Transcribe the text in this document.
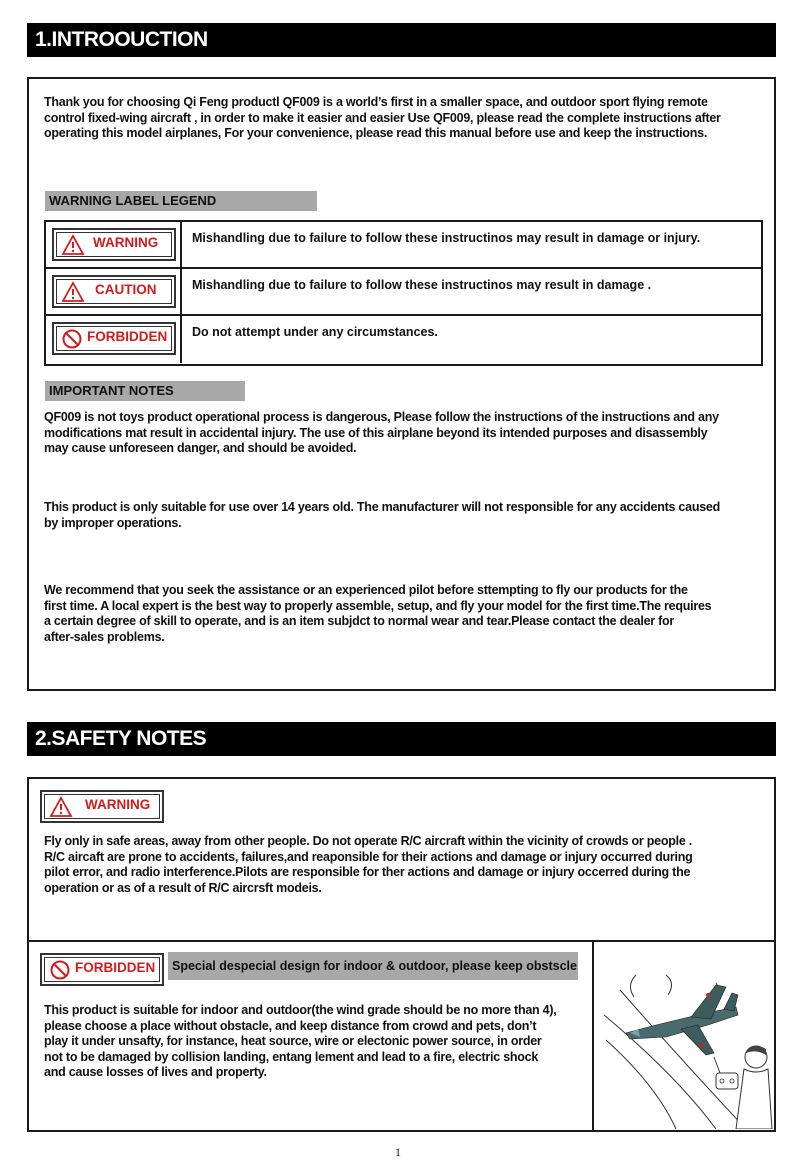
1.INTROOUCTION
Thank you for choosing Qi Feng productl QF009 is a world’s first in a smaller space, and outdoor sport flying remote
control fixed-wing aircraft , in order to make it easier and easier Use QF009, please read the complete instructions after
operating this model airplanes, For your convenience, please read this manual before use and keep the instructions.
WARNING LABEL LEGEND
WARNING	Mishandling due to failure to follow these instructinos may result in damage or injury.
CAUTION	Mishandling due to failure to follow these instructinos may result in damage .
FORBIDDEN Do not attempt under any circumstances.
IMPORTANT NOTES
QF009 is not toys product operational process is dangerous, Please follow the instructions of the instructions and any
modifications mat result in accidental injury. The use of this airplane beyond its intended purposes and disassembly
may cause unforeseen danger, and should be avoided.
This product is only suitable for use over 14 years old. The manufacturer will not responsible for any accidents caused
by improper operations.
We recommend that you seek the assistance or an experienced pilot before sttempting to fly our products for the
first time. A local expert is the best way to properly assemble, setup, and fly your model for the first time.The requires
a certain degree of skill to operate, and is an item subjdct to normal wear and tear.Please contact the dealer for
after-sales problems.
2.SAFETY NOTES
WARNING
Fly only in safe areas, away from other people. Do not operate R/C aircraft within the vicinity of crowds or people .
R/C aircaft are prone to accidents, failures,and reaponsible for their actions and damage or injury occurred during
pilot error, and radio interference.Pilots are responsible for ther actions and damage or injury occerred during the
operation or as of a result of R/C aircrsft modeis.
FORBIDDEN	Special despecial design for indoor & outdoor, please keep obstscle
This product is suitable for indoor and outdoor(the wind grade should be no more than 4),
please choose a place without obstacle, and keep distance from crowd and pets, don’t
play it under unsafty, for instance, heat source, wire or electonic power source, in order
not to be damaged by collision landing, entang lement and lead to a fire, electric shock
and cause losses of lives and property.
1
